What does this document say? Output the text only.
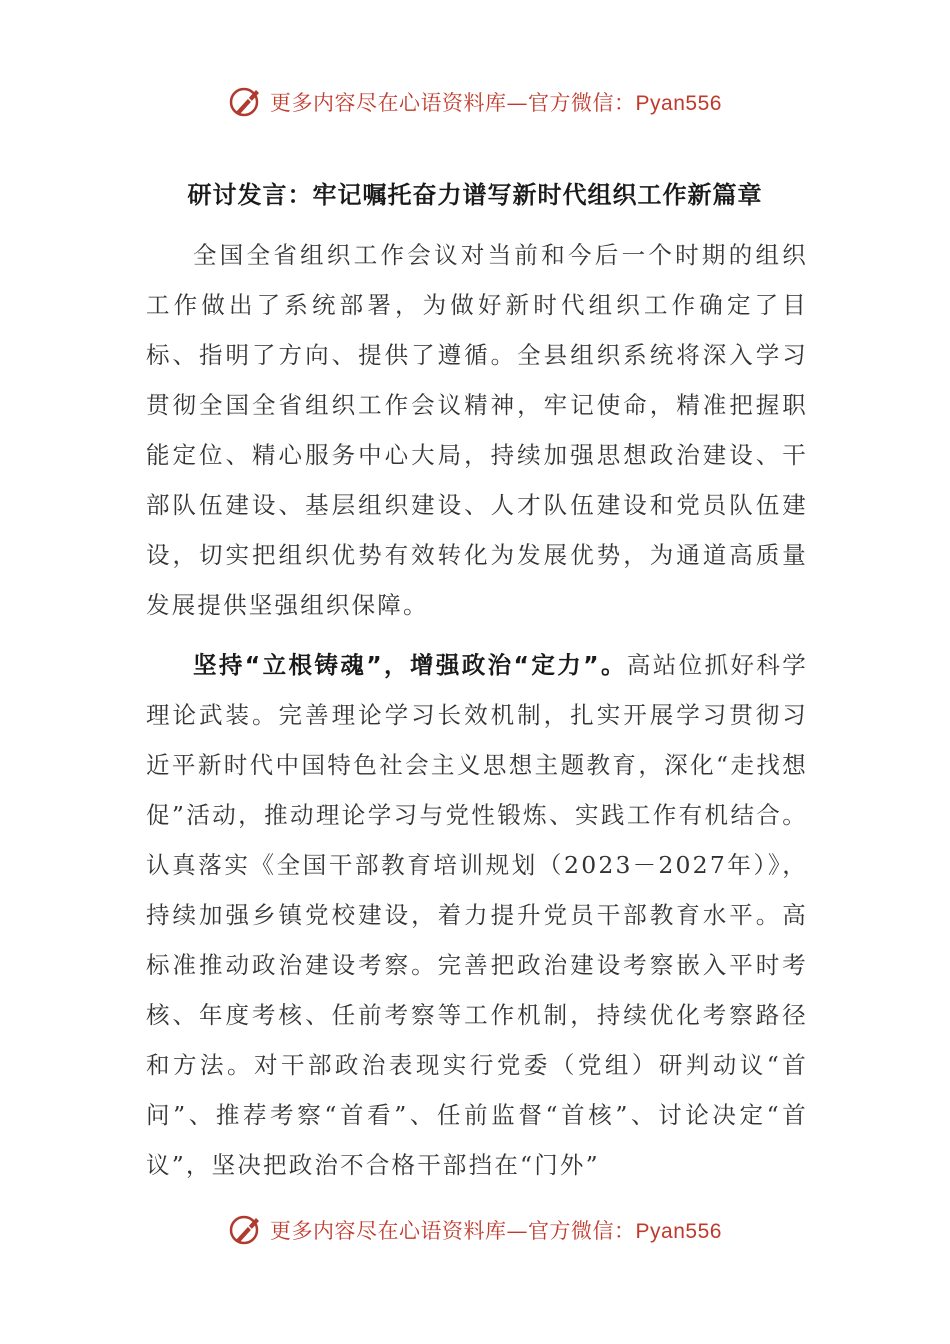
更多内容尽在心语资料库—官方微信：Pyan556
研讨发言：牢记嘱托奋力谱写新时代组织工作新篇章

全国全省组织工作会议对当前和今后一个时期的组织工作做出了系统部署，为做好新时代组织工作确定了目标、指明了方向、提供了遵循。全县组织系统将深入学习贯彻全国全省组织工作会议精神，牢记使命，精准把握职能定位、精心服务中心大局，持续加强思想政治建设、干部队伍建设、基层组织建设、人才队伍建设和党员队伍建设，切实把组织优势有效转化为发展优势，为通道高质量发展提供坚强组织保障。

坚持“立根铸魂”，增强政治“定力”。高站位抓好科学理论武装。完善理论学习长效机制，扎实开展学习贯彻习近平新时代中国特色社会主义思想主题教育，深化“走找想促”活动，推动理论学习与党性锻炼、实践工作有机结合。认真落实《全国干部教育培训规划（2023－2027年）》，持续加强乡镇党校建设，着力提升党员干部教育水平。高标准推动政治建设考察。完善把政治建设考察嵌入平时考核、年度考核、任前考察等工作机制，持续优化考察路径和方法。对干部政治表现实行党委（党组）研判动议“首问”、推荐考察“首看”、任前监督“首核”、讨论决定“首议”，坚决把政治不合格干部挡在“门外”

更多内容尽在心语资料库—官方微信：Pyan556
